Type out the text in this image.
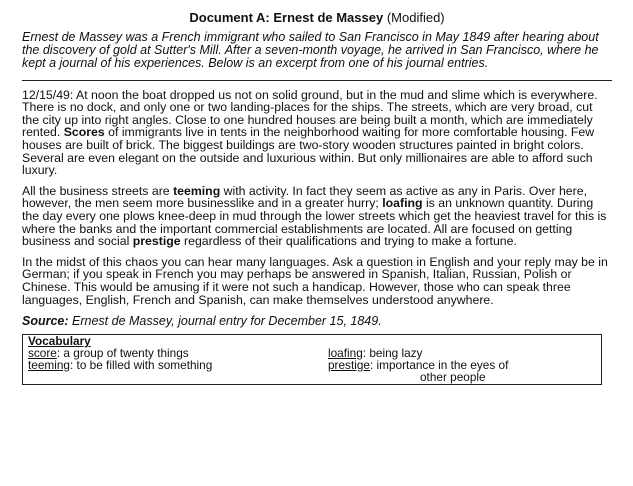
Document A: Ernest de Massey (Modified)

Ernest de Massey was a French immigrant who sailed to San Francisco in May 1849 after hearing about the discovery of gold at Sutter's Mill. After a seven-month voyage, he arrived in San Francisco, where he kept a journal of his experiences. Below is an excerpt from one of his journal entries.

12/15/49: At noon the boat dropped us not on solid ground, but in the mud and slime which is everywhere. There is no dock, and only one or two landing-places for the ships. The streets, which are very broad, cut the city up into right angles. Close to one hundred houses are being built a month, which are immediately rented. Scores of immigrants live in tents in the neighborhood waiting for more comfortable housing. Few houses are built of brick. The biggest buildings are two-story wooden structures painted in bright colors. Several are even elegant on the outside and luxurious within. But only millionaires are able to afford such luxury.

All the business streets are teeming with activity. In fact they seem as active as any in Paris. Over here, however, the men seem more businesslike and in a greater hurry; loafing is an unknown quantity. During the day every one plows knee-deep in mud through the lower streets which get the heaviest travel for this is where the banks and the important commercial establishments are located. All are focused on getting business and social prestige regardless of their qualifications and trying to make a fortune.

In the midst of this chaos you can hear many languages. Ask a question in English and your reply may be in German; if you speak in French you may perhaps be answered in Spanish, Italian, Russian, Polish or Chinese. This would be amusing if it were not such a handicap. However, those who can speak three languages, English, French and Spanish, can make themselves understood anywhere.

Source: Ernest de Massey, journal entry for December 15, 1849.

Vocabulary
score: a group of twenty things	loafing: being lazy
teeming: to be filled with something	prestige: importance in the eyes of
other people
